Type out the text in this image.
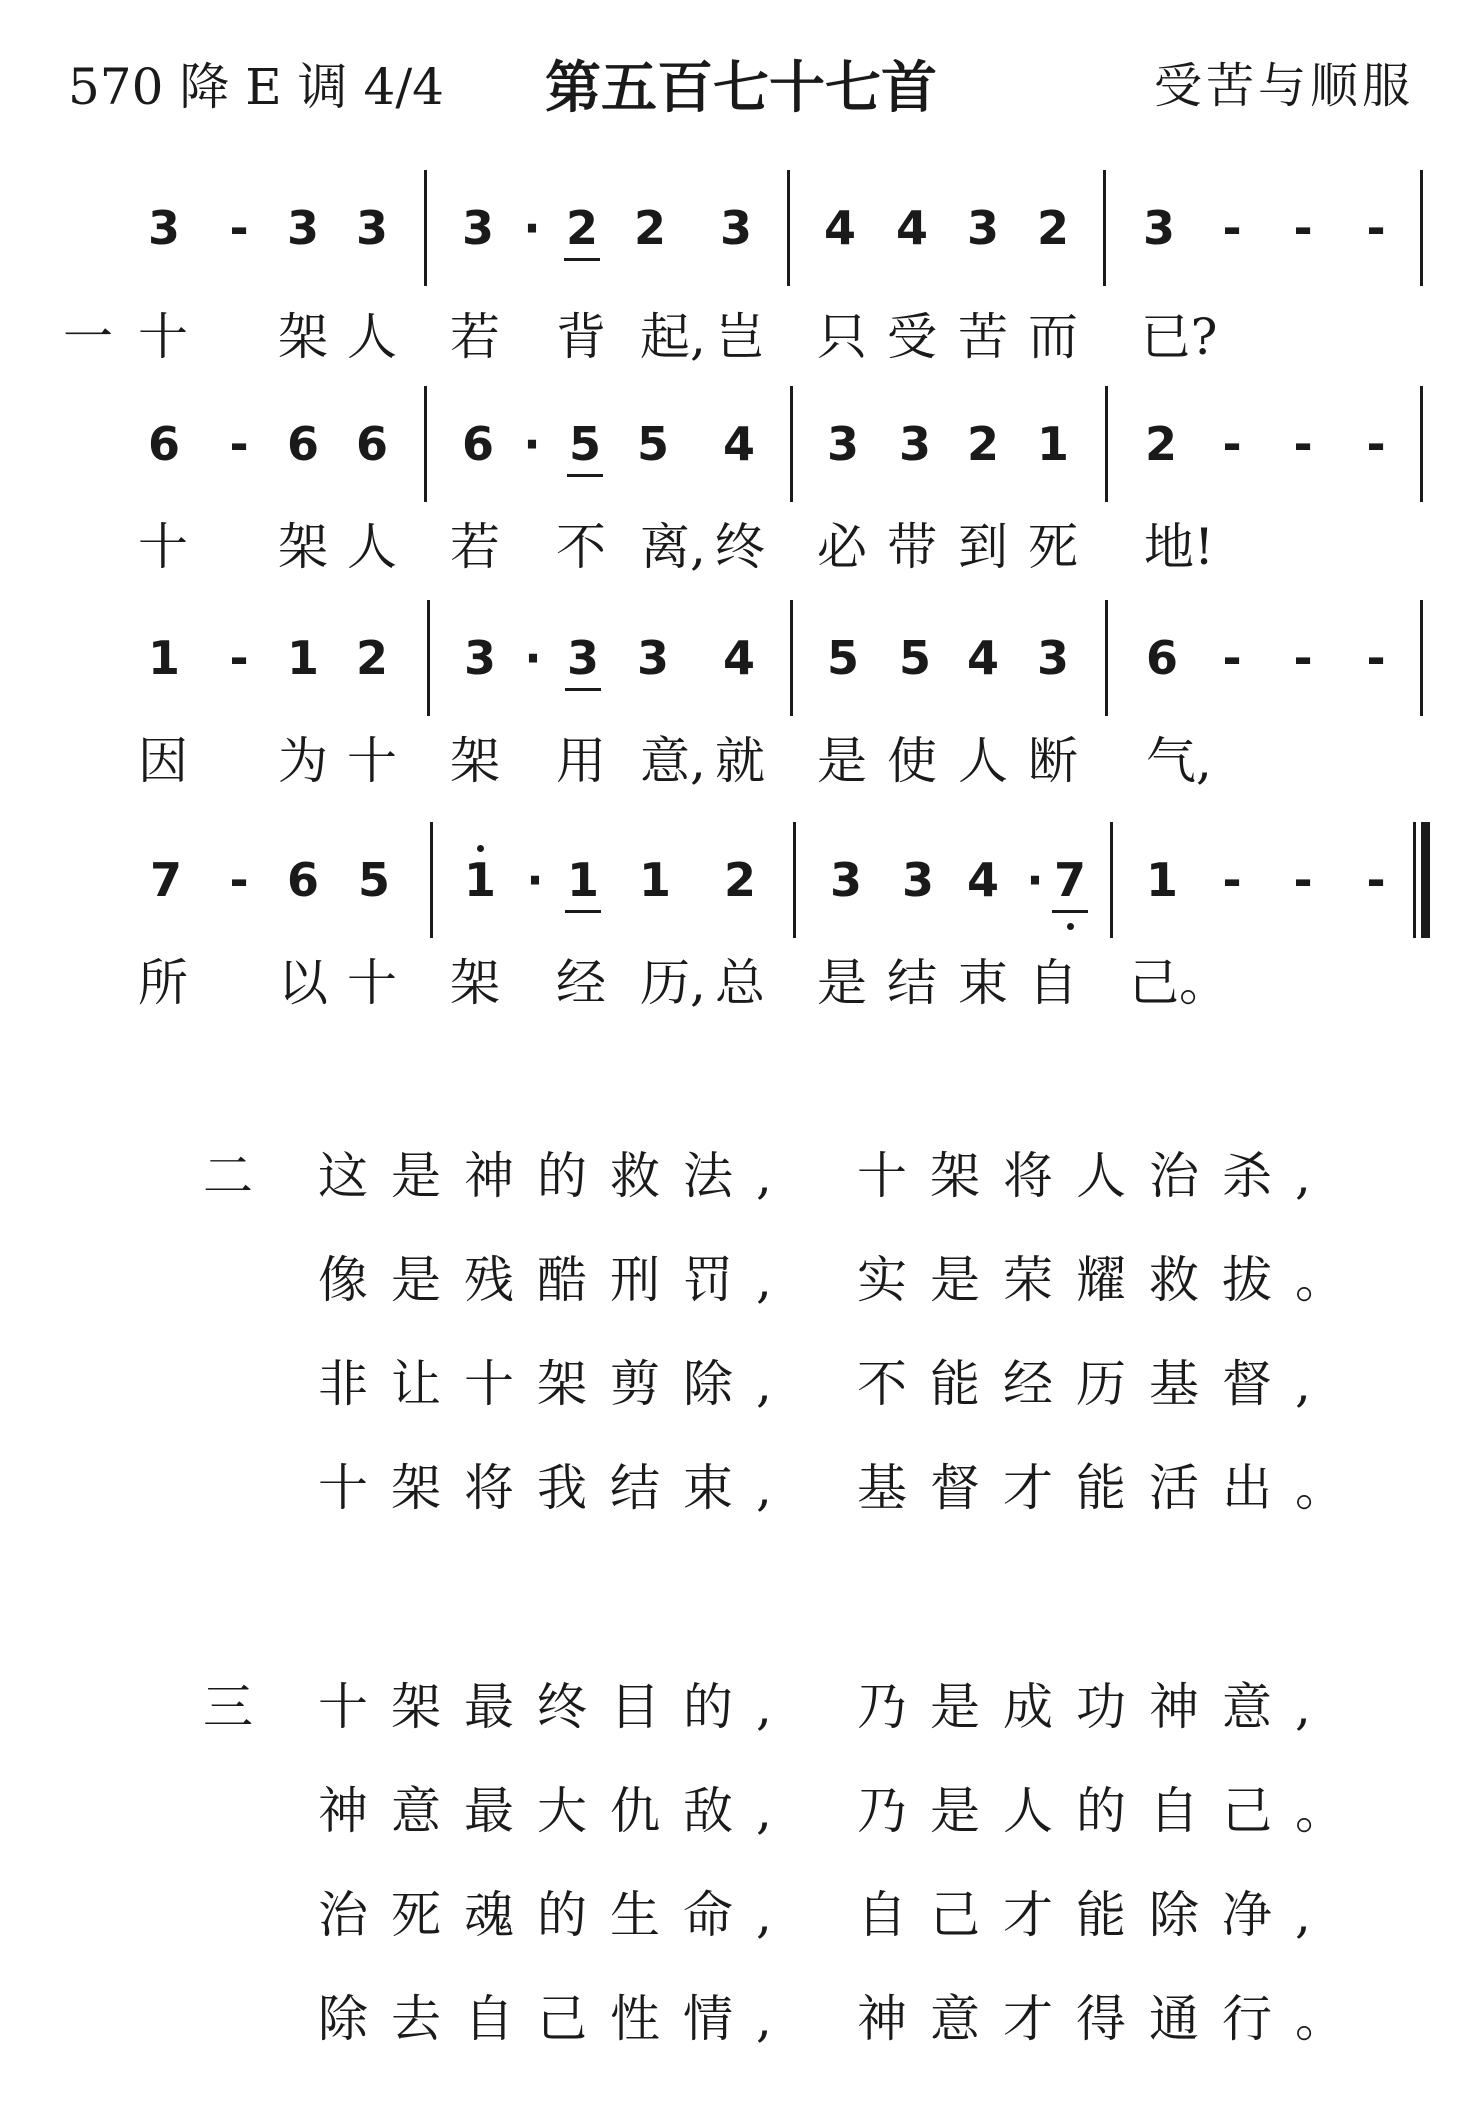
570 降 E 调 4/4 第五百七十七首	受苦与顺服
3 - 3 3 3 · 2 2 3 4 4 3 2 3 - - -
一 十 架 人 若 背 起, 岂 只 受 苦 而 已?
6 - 6 6 6 · 5 5 4 3 3 2 1 2 - - -
十 架 人 若 不 离, 终 必 带 到 死 地!
1 - 1 2 3 · 3 3 4 5 5 4 3 6 - - -
因 为 十 架 用 意, 就 是 使 人 断 气,
7 - 6 5 1 · 1 1 2 3 3 4 · 7 1 - - -
所 以 十 架 经 历, 总 是 结 束 自 己。
二 这是神的救法, 十架将人治杀,
像是残酷刑罚, 实是荣耀救拔。
非让十架剪除, 不能经历基督,
十架将我结束, 基督才能活出。
三 十架最终目的, 乃是成功神意,
神意最大仇敌, 乃是人的自己。
治死魂的生命, 自己才能除净,
除去自己性情, 神意才得通行。
